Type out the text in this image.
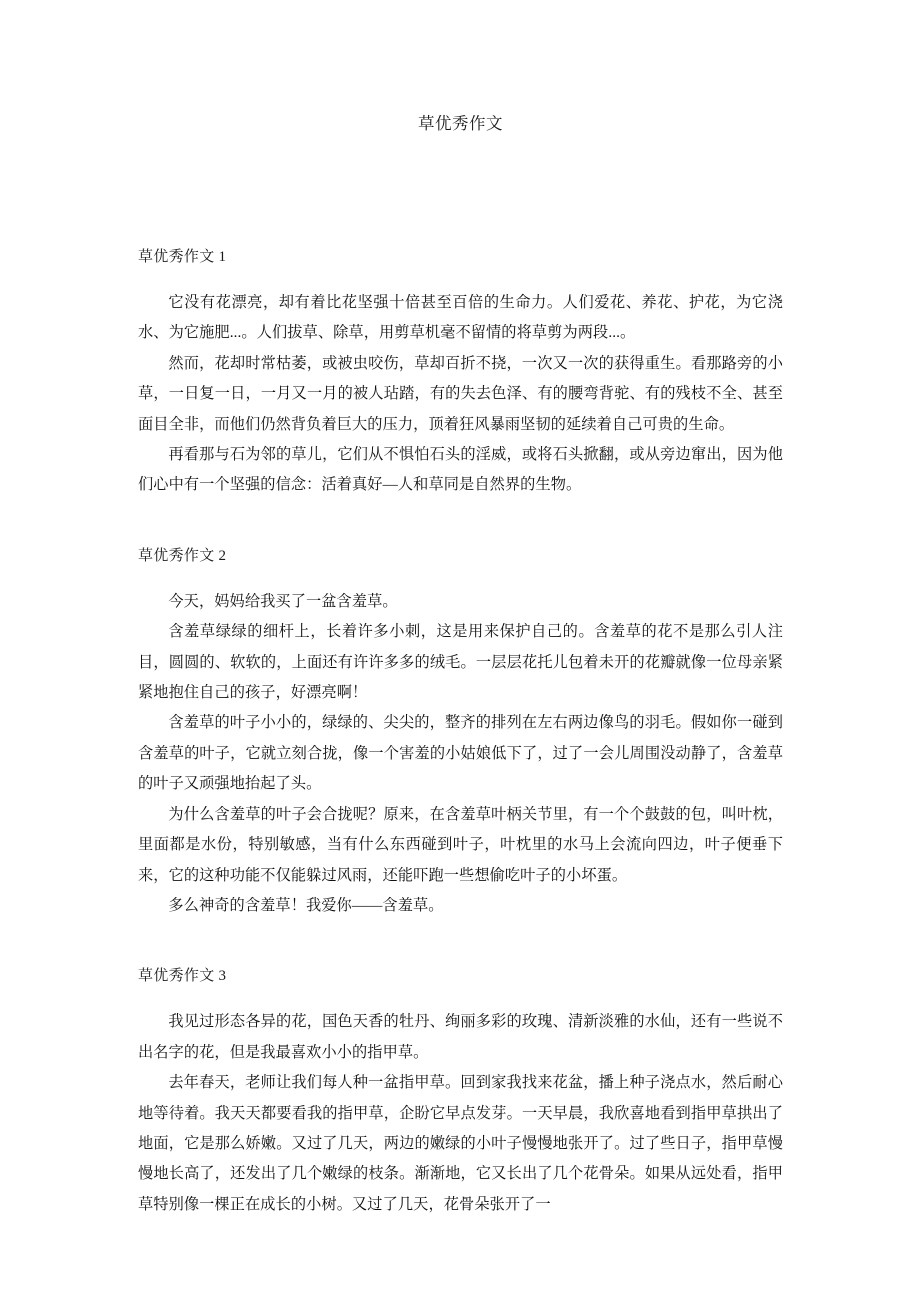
草优秀作文
草优秀作文 1

它没有花漂亮，却有着比花坚强十倍甚至百倍的生命力。人们爱花、养花、护花，为它浇水、为它施肥...。人们拔草、除草，用剪草机毫不留情的将草剪为两段...。

然而，花却时常枯萎，或被虫咬伤，草却百折不挠，一次又一次的获得重生。看那路旁的小草，一日复一日，一月又一月的被人玷踏，有的失去色泽、有的腰弯背驼、有的残枝不全、甚至面目全非，而他们仍然背负着巨大的压力，顶着狂风暴雨坚韧的延续着自己可贵的生命。

再看那与石为邻的草儿，它们从不惧怕石头的淫威，或将石头掀翻，或从旁边窜出，因为他们心中有一个坚强的信念：活着真好—人和草同是自然界的生物。

草优秀作文 2

今天，妈妈给我买了一盆含羞草。

含羞草绿绿的细杆上，长着许多小刺，这是用来保护自己的。含羞草的花不是那么引人注目，圆圆的、软软的，上面还有许许多多的绒毛。一层层花托儿包着未开的花瓣就像一位母亲紧紧地抱住自己的孩子，好漂亮啊！

含羞草的叶子小小的，绿绿的、尖尖的，整齐的排列在左右两边像鸟的羽毛。假如你一碰到含羞草的叶子，它就立刻合拢，像一个害羞的小姑娘低下了，过了一会儿周围没动静了，含羞草的叶子又顽强地抬起了头。

为什么含羞草的叶子会合拢呢？原来，在含羞草叶柄关节里，有一个个鼓鼓的包，叫叶枕，里面都是水份，特别敏感，当有什么东西碰到叶子，叶枕里的水马上会流向四边，叶子便垂下来，它的这种功能不仅能躲过风雨，还能吓跑一些想偷吃叶子的小坏蛋。

多么神奇的含羞草！我爱你——含羞草。

草优秀作文 3

我见过形态各异的花，国色天香的牡丹、绚丽多彩的玫瑰、清新淡雅的水仙，还有一些说不出名字的花，但是我最喜欢小小的指甲草。

去年春天，老师让我们每人种一盆指甲草。回到家我找来花盆，播上种子浇点水，然后耐心地等待着。我天天都要看我的指甲草，企盼它早点发芽。一天早晨，我欣喜地看到指甲草拱出了地面，它是那么娇嫩。又过了几天，两边的嫩绿的小叶子慢慢地张开了。过了些日子，指甲草慢慢地长高了，还发出了几个嫩绿的枝条。渐渐地，它又长出了几个花骨朵。如果从远处看，指甲草特别像一棵正在成长的小树。又过了几天，花骨朵张开了一
